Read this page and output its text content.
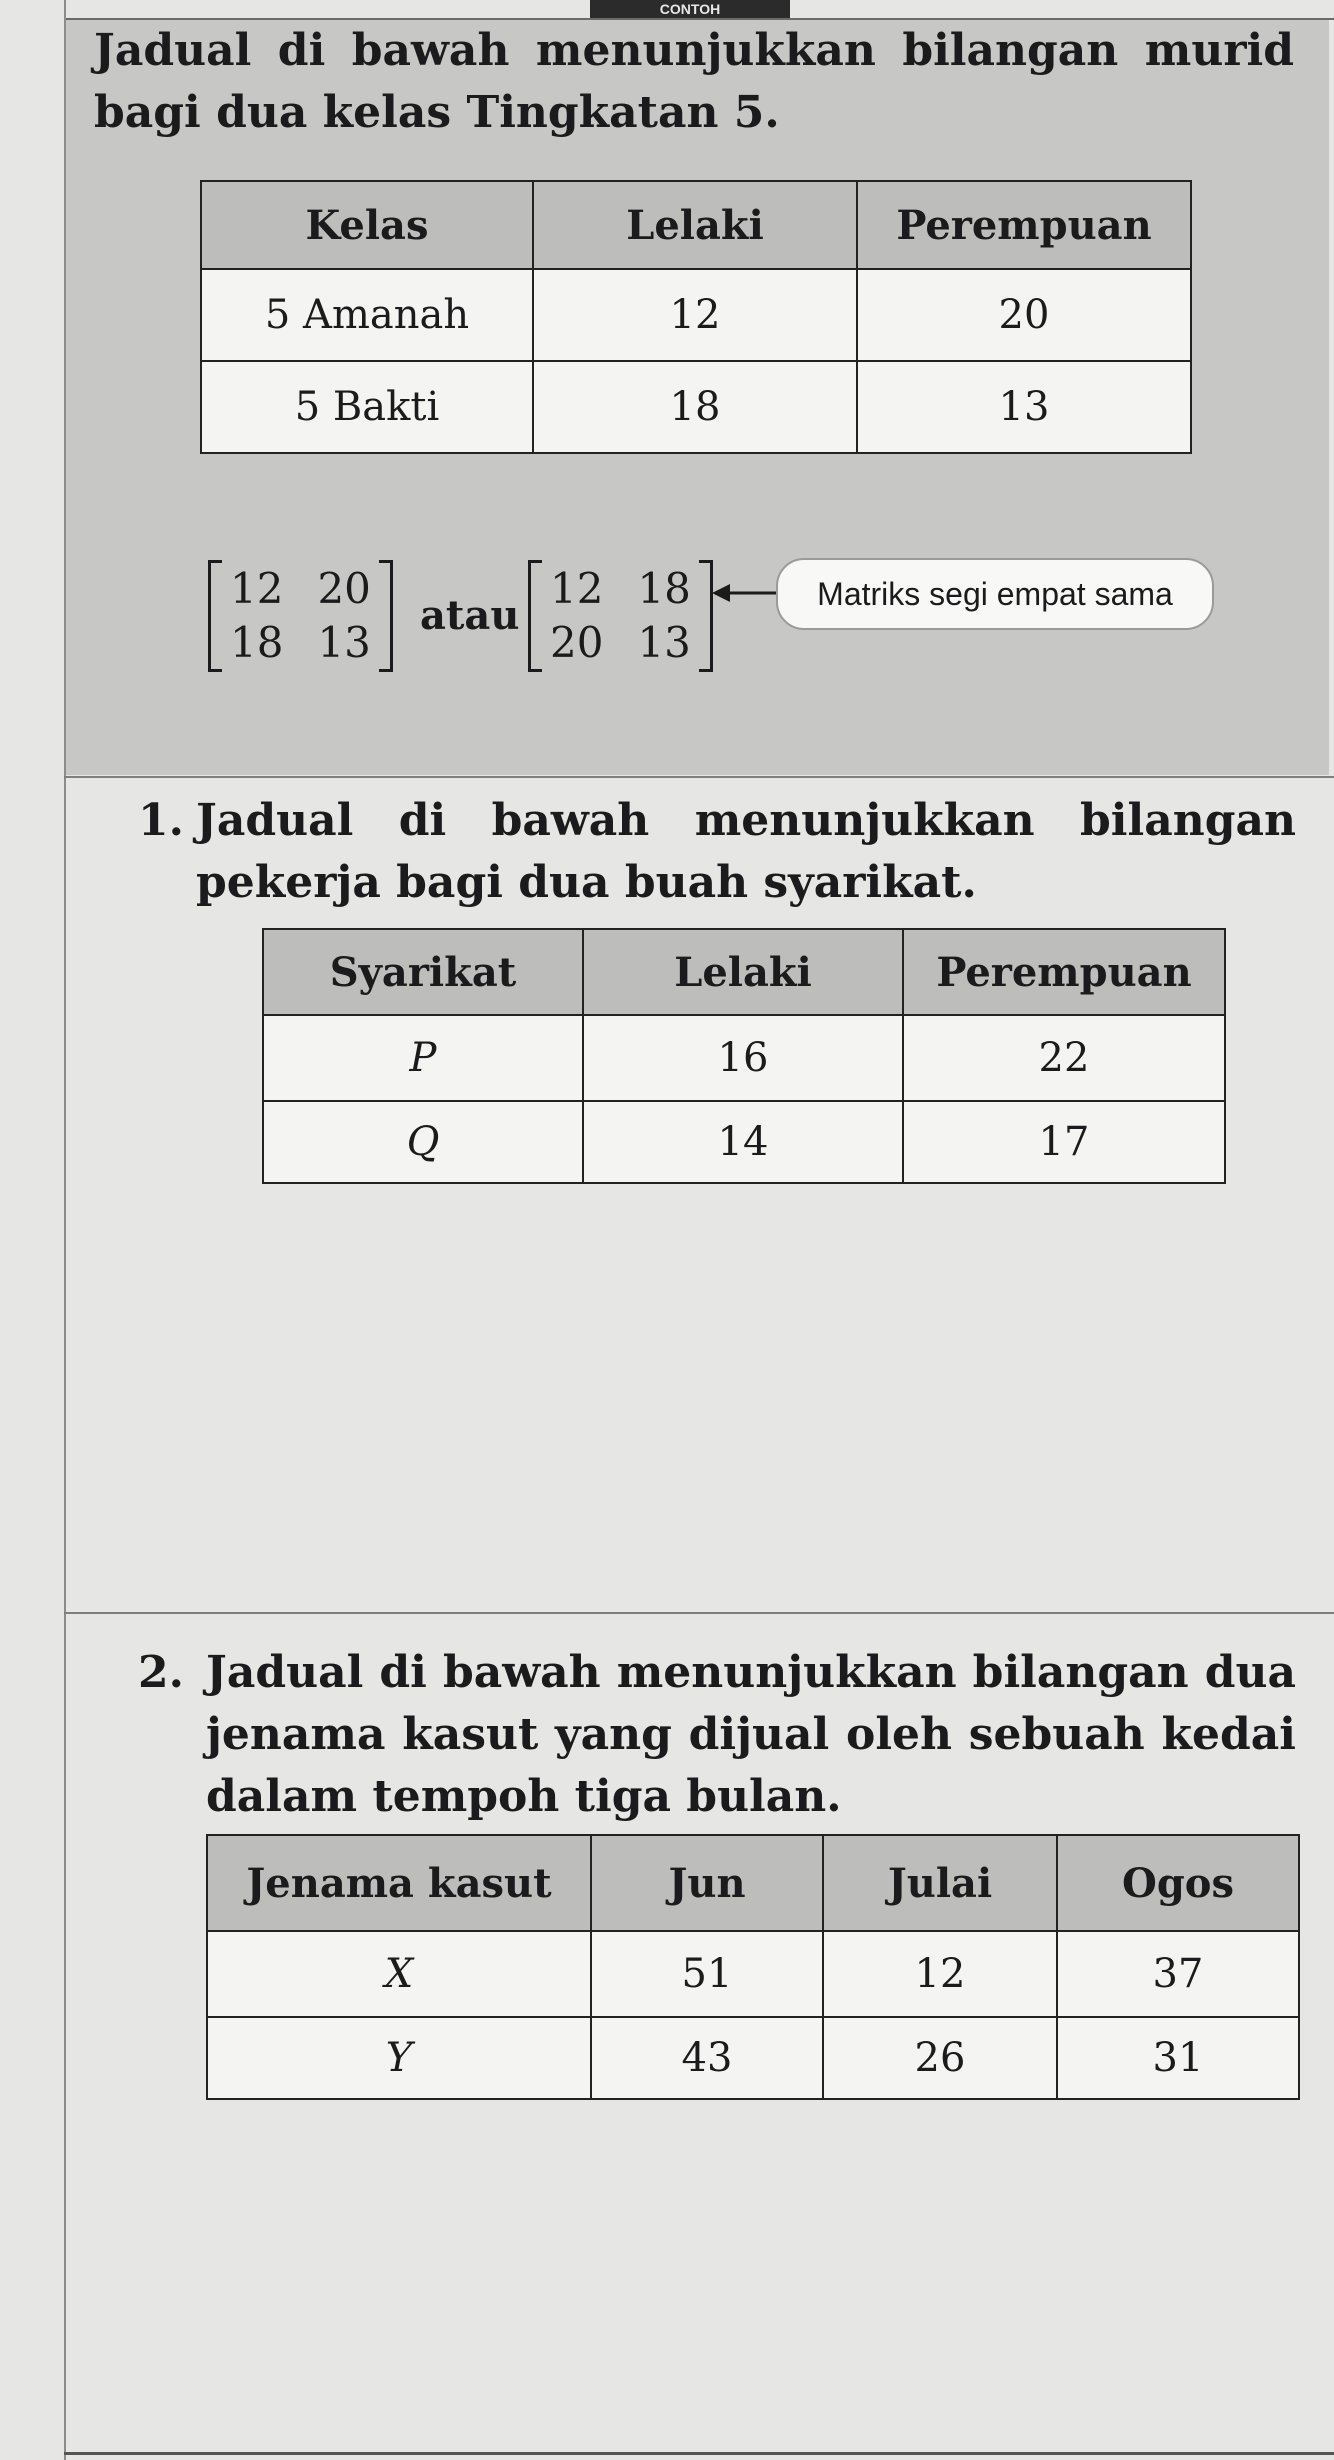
CONTOH

Jadual di bawah menunjukkan bilangan murid bagi dua kelas Tingkatan 5.

Kelas	Lelaki	Perempuan
5 Amanah	12	20
5 Bakti	18	13
12 20
18 13
atau
12 18
20 13
Matriks segi empat sama
1. Jadual di bawah menunjukkan bilangan pekerja bagi dua buah syarikat.

Syarikat	Lelaki	Perempuan
P	16	22
Q	14	17
2. Jadual di bawah menunjukkan bilangan dua jenama kasut yang dijual oleh sebuah kedai dalam tempoh tiga bulan.

Jenama kasut	Jun	Julai	Ogos
X	51	12	37
Y	43	26	31
